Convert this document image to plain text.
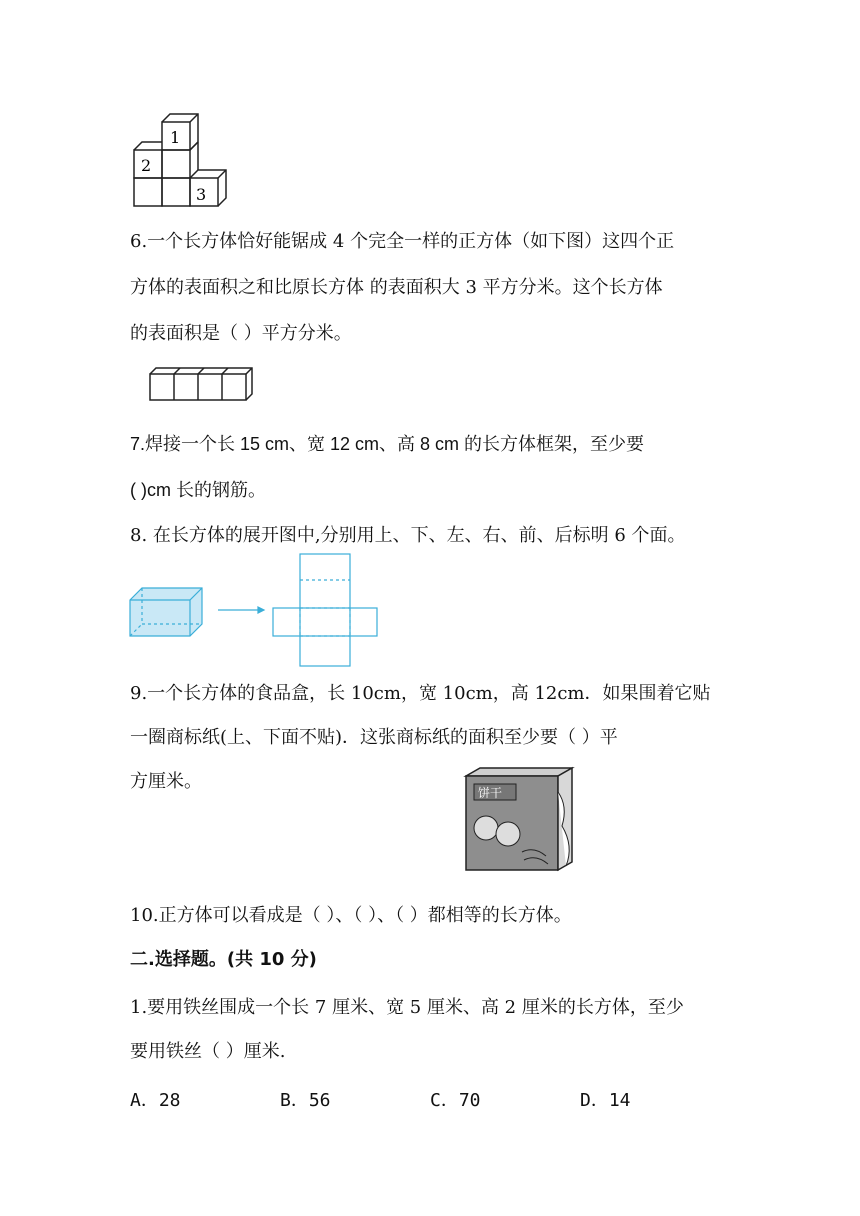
1
2
3
6.一个长方体恰好能锯成 4 个完全一样的正方体（如下图）这四个正
方体的表面积之和比原长方体 的表面积大 3 平方分米。这个长方体
的表面积是（ ）平方分米。
7.焊接一个长 15 cm、宽 12 cm、高 8 cm 的长方体框架，至少要
( )cm 长的钢筋。
8. 在长方体的展开图中,分别用上、下、左、右、前、后标明 6 个面。
9.一个长方体的食品盒，长 10cm，宽 10cm，高 12cm．如果围着它贴
一圈商标纸(上、下面不贴)．这张商标纸的面积至少要（ ）平
方厘米。
饼干
10.正方体可以看成是（ ）、（ ）、（ ）都相等的长方体。
二.选择题。(共 10 分)
1.要用铁丝围成一个长 7 厘米、宽 5 厘米、高 2 厘米的长方体，至少
要用铁丝（ ）厘米.
A．28	B．56	C．70	D．14
